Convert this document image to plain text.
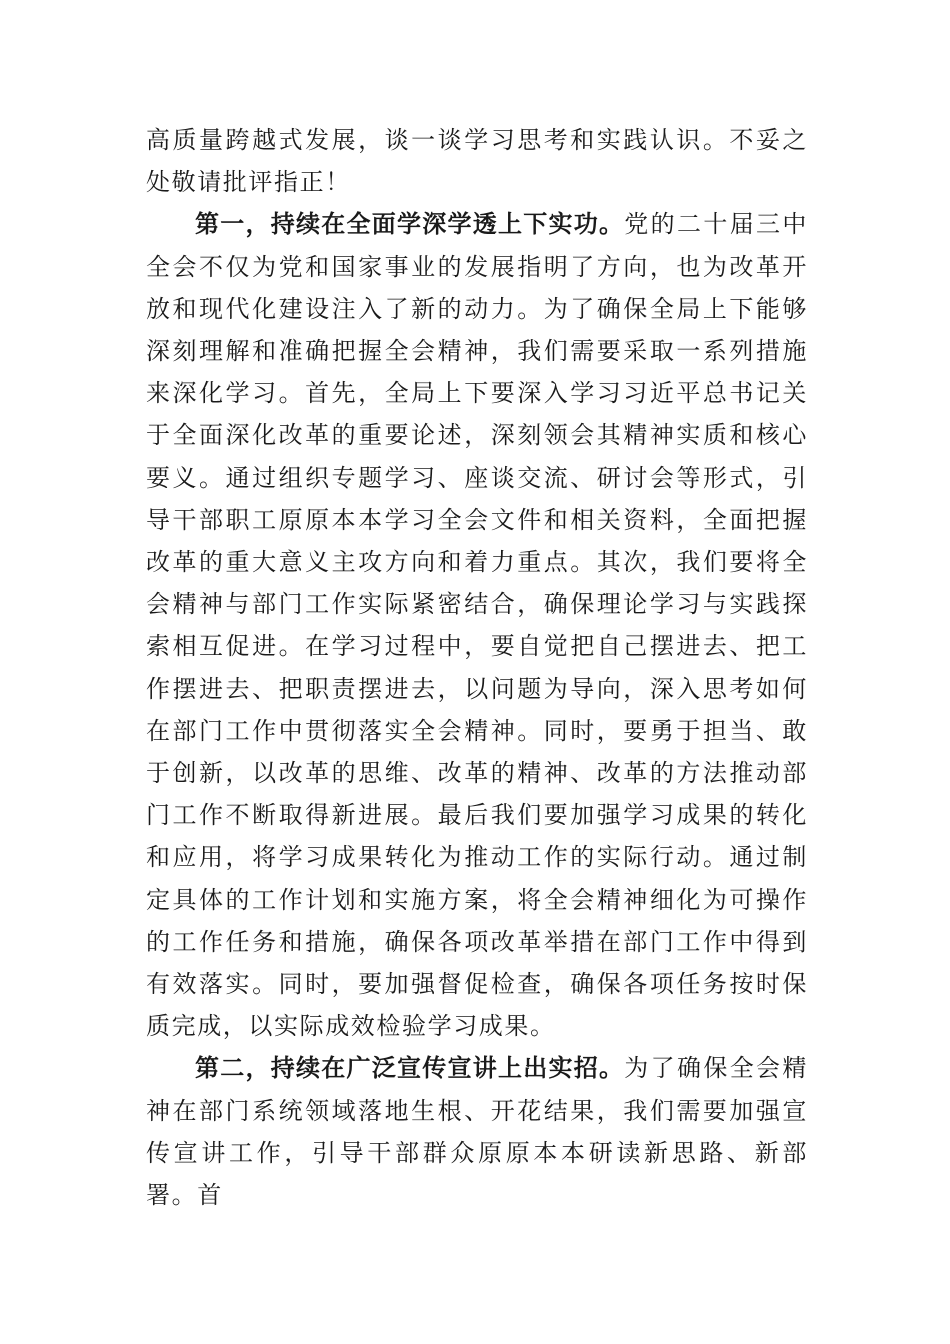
高质量跨越式发展，谈一谈学习思考和实践认识。不妥之处敬请批评指正！

第一，持续在全面学深学透上下实功。党的二十届三中全会不仅为党和国家事业的发展指明了方向，也为改革开放和现代化建设注入了新的动力。为了确保全局上下能够深刻理解和准确把握全会精神，我们需要采取一系列措施来深化学习。首先，全局上下要深入学习习近平总书记关于全面深化改革的重要论述，深刻领会其精神实质和核心要义。通过组织专题学习、座谈交流、研讨会等形式，引导干部职工原原本本学习全会文件和相关资料，全面把握改革的重大意义主攻方向和着力重点。其次，我们要将全会精神与部门工作实际紧密结合，确保理论学习与实践探索相互促进。在学习过程中，要自觉把自己摆进去、把工作摆进去、把职责摆进去，以问题为导向，深入思考如何在部门工作中贯彻落实全会精神。同时，要勇于担当、敢于创新，以改革的思维、改革的精神、改革的方法推动部门工作不断取得新进展。最后我们要加强学习成果的转化和应用，将学习成果转化为推动工作的实际行动。通过制定具体的工作计划和实施方案，将全会精神细化为可操作的工作任务和措施，确保各项改革举措在部门工作中得到有效落实。同时，要加强督促检查，确保各项任务按时保质完成，以实际成效检验学习成果。

第二，持续在广泛宣传宣讲上出实招。为了确保全会精神在部门系统领域落地生根、开花结果，我们需要加强宣传宣讲工作，引导干部群众原原本本研读新思路、新部署。首
